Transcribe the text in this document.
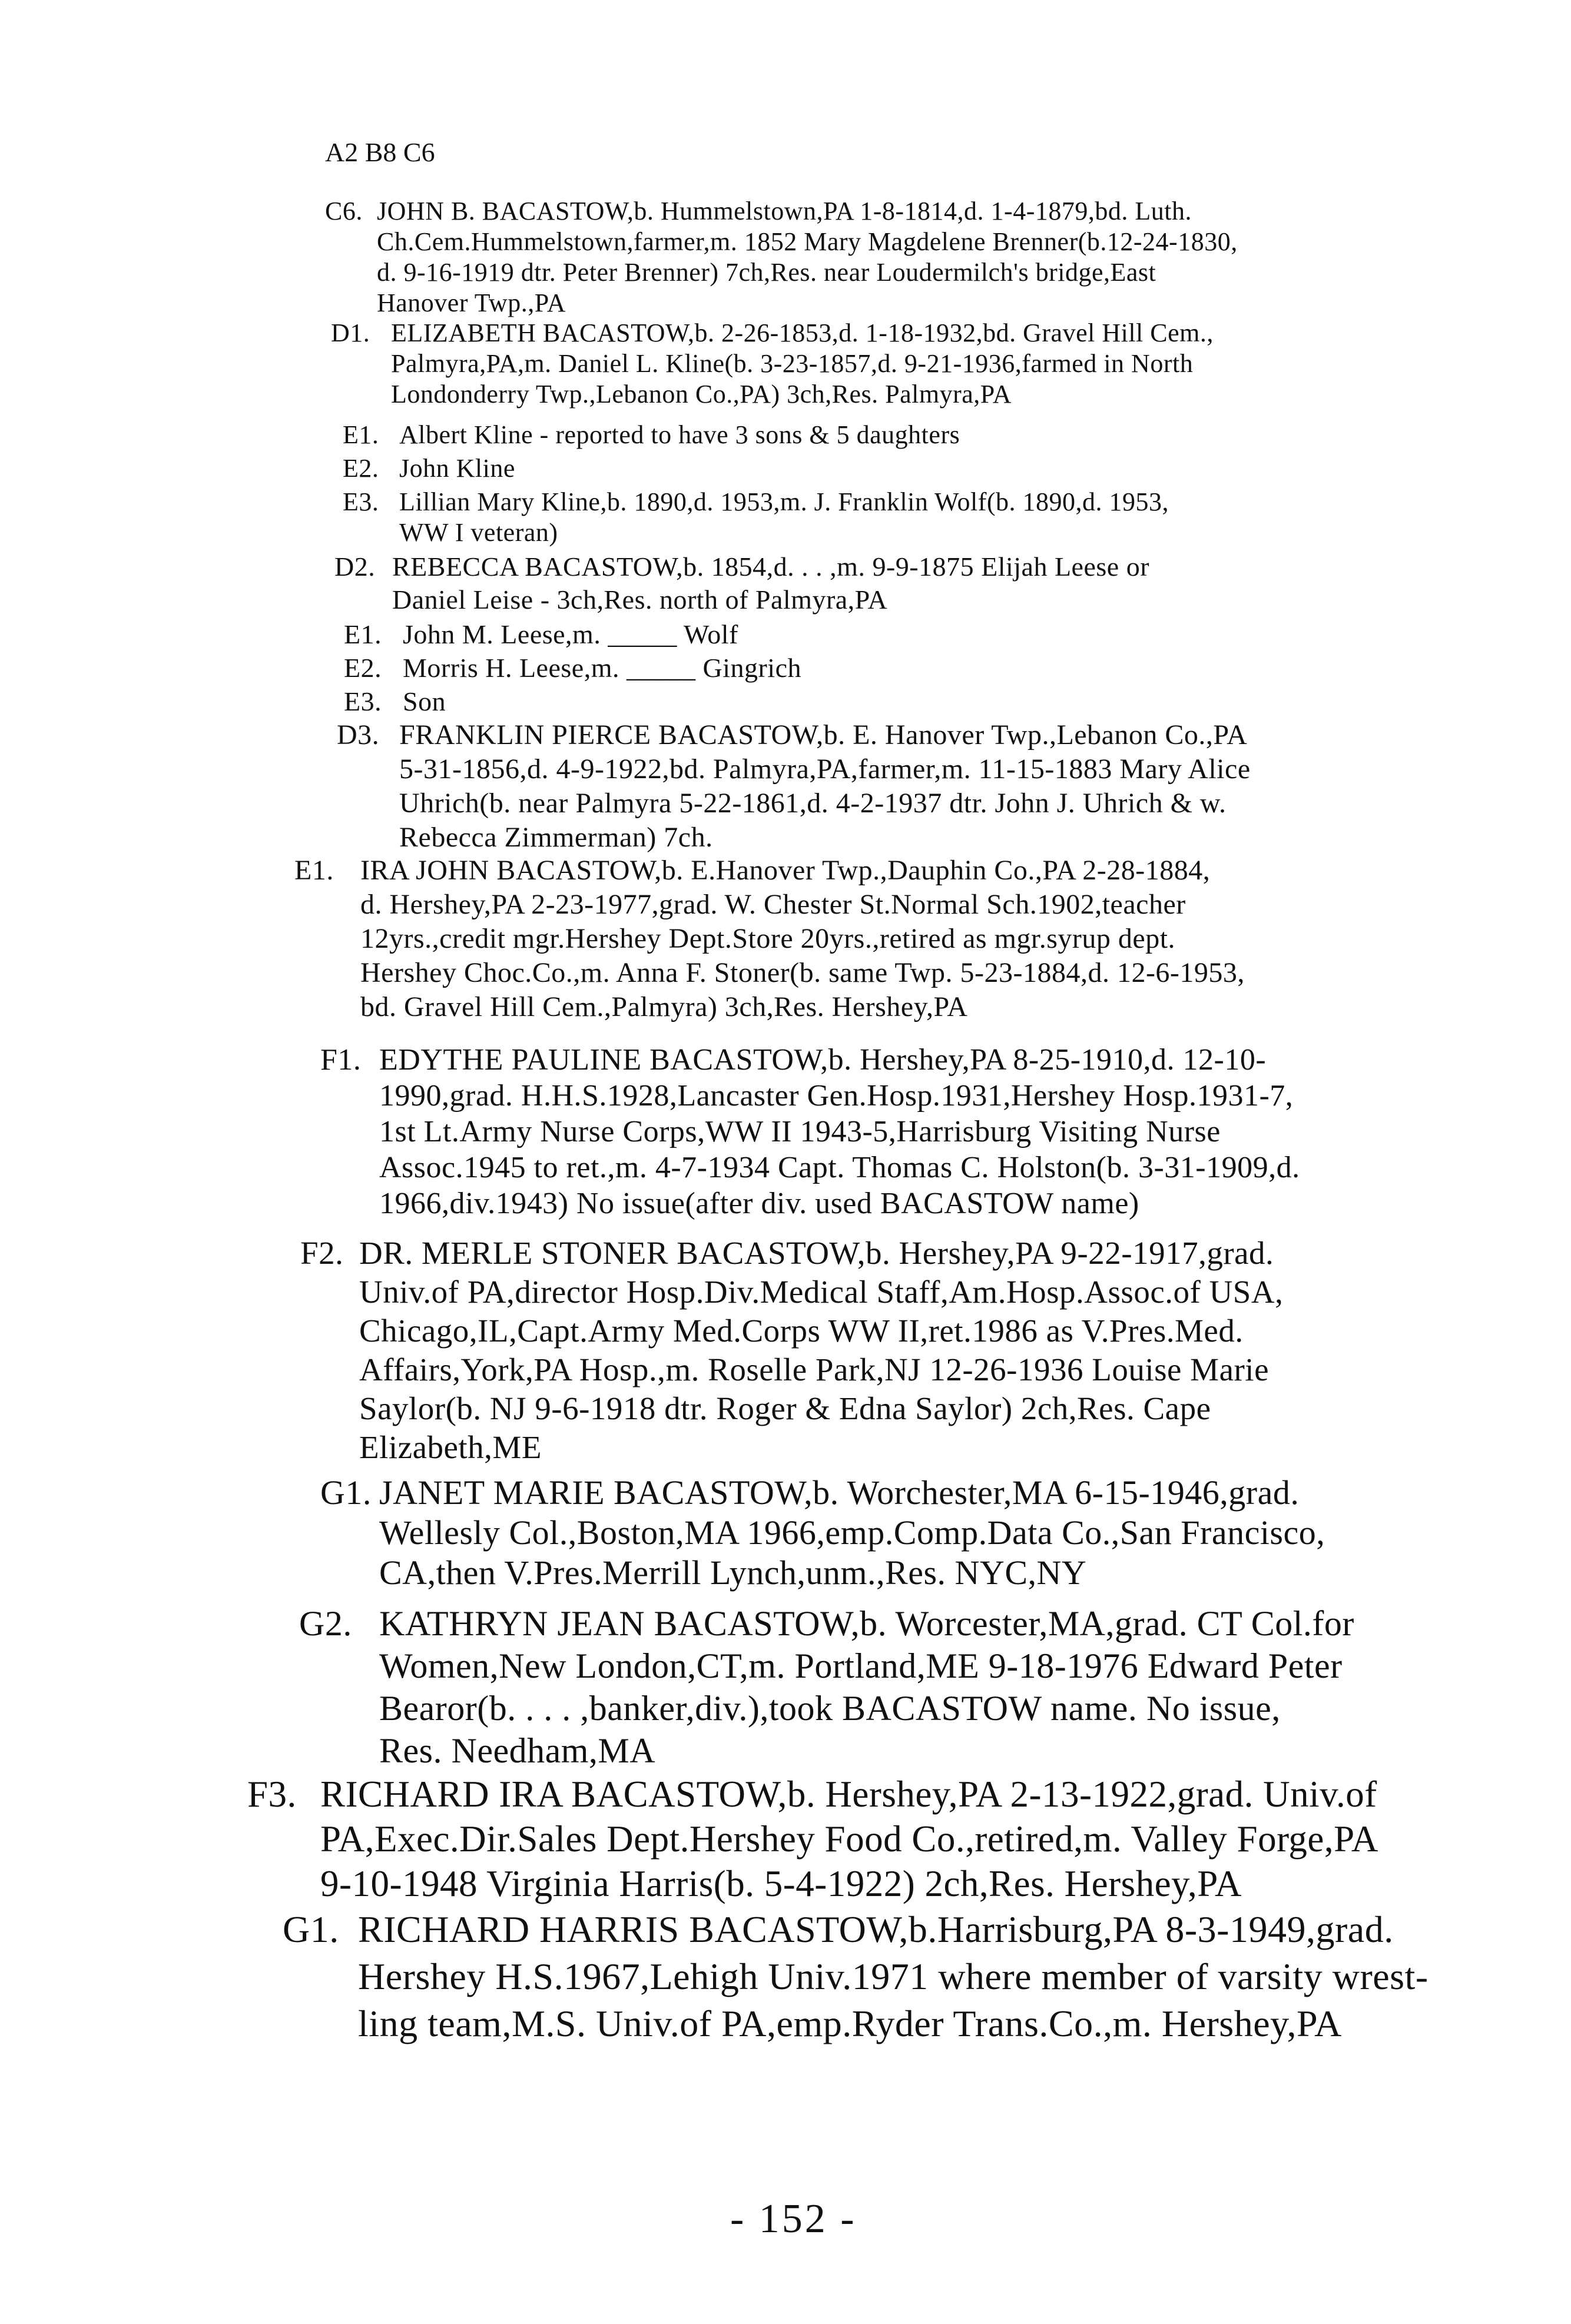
A2 B8 C6
C6. JOHN B. BACASTOW,b. Hummelstown,PA 1-8-1814,d. 1-4-1879,bd. Luth.
Ch.Cem.Hummelstown,farmer,m. 1852 Mary Magdelene Brenner(b.12-24-1830,
d. 9-16-1919 dtr. Peter Brenner) 7ch,Res. near Loudermilch's bridge,East
Hanover Twp.,PA
D1. ELIZABETH BACASTOW,b. 2-26-1853,d. 1-18-1932,bd. Gravel Hill Cem.,
Palmyra,PA,m. Daniel L. Kline(b. 3-23-1857,d. 9-21-1936,farmed in North
Londonderry Twp.,Lebanon Co.,PA) 3ch,Res. Palmyra,PA
E1. Albert Kline - reported to have 3 sons & 5 daughters
E2. John Kline
E3. Lillian Mary Kline,b. 1890,d. 1953,m. J. Franklin Wolf(b. 1890,d. 1953,
WW I veteran)
D2. REBECCA BACASTOW,b. 1854,d. . . ,m. 9-9-1875 Elijah Leese or
Daniel Leise - 3ch,Res. north of Palmyra,PA
E1. John M. Leese,m. _____ Wolf
E2. Morris H. Leese,m. _____ Gingrich
E3. Son
D3. FRANKLIN PIERCE BACASTOW,b. E. Hanover Twp.,Lebanon Co.,PA
5-31-1856,d. 4-9-1922,bd. Palmyra,PA,farmer,m. 11-15-1883 Mary Alice
Uhrich(b. near Palmyra 5-22-1861,d. 4-2-1937 dtr. John J. Uhrich & w.
Rebecca Zimmerman) 7ch.
E1. IRA JOHN BACASTOW,b. E.Hanover Twp.,Dauphin Co.,PA 2-28-1884,
d. Hershey,PA 2-23-1977,grad. W. Chester St.Normal Sch.1902,teacher
12yrs.,credit mgr.Hershey Dept.Store 20yrs.,retired as mgr.syrup dept.
Hershey Choc.Co.,m. Anna F. Stoner(b. same Twp. 5-23-1884,d. 12-6-1953,
bd. Gravel Hill Cem.,Palmyra) 3ch,Res. Hershey,PA
F1. EDYTHE PAULINE BACASTOW,b. Hershey,PA 8-25-1910,d. 12-10-
1990,grad. H.H.S.1928,Lancaster Gen.Hosp.1931,Hershey Hosp.1931-7,
1st Lt.Army Nurse Corps,WW II 1943-5,Harrisburg Visiting Nurse
Assoc.1945 to ret.,m. 4-7-1934 Capt. Thomas C. Holston(b. 3-31-1909,d.
1966,div.1943) No issue(after div. used BACASTOW name)
F2. DR. MERLE STONER BACASTOW,b. Hershey,PA 9-22-1917,grad.
Univ.of PA,director Hosp.Div.Medical Staff,Am.Hosp.Assoc.of USA,
Chicago,IL,Capt.Army Med.Corps WW II,ret.1986 as V.Pres.Med.
Affairs,York,PA Hosp.,m. Roselle Park,NJ 12-26-1936 Louise Marie
Saylor(b. NJ 9-6-1918 dtr. Roger & Edna Saylor) 2ch,Res. Cape
Elizabeth,ME
G1. JANET MARIE BACASTOW,b. Worchester,MA 6-15-1946,grad.
Wellesly Col.,Boston,MA 1966,emp.Comp.Data Co.,San Francisco,
CA,then V.Pres.Merrill Lynch,unm.,Res. NYC,NY
G2. KATHRYN JEAN BACASTOW,b. Worcester,MA,grad. CT Col.for
Women,New London,CT,m. Portland,ME 9-18-1976 Edward Peter
Bearor(b. . . . ,banker,div.),took BACASTOW name. No issue,
Res. Needham,MA
F3. RICHARD IRA BACASTOW,b. Hershey,PA 2-13-1922,grad. Univ.of
PA,Exec.Dir.Sales Dept.Hershey Food Co.,retired,m. Valley Forge,PA
9-10-1948 Virginia Harris(b. 5-4-1922) 2ch,Res. Hershey,PA
G1. RICHARD HARRIS BACASTOW,b.Harrisburg,PA 8-3-1949,grad.
Hershey H.S.1967,Lehigh Univ.1971 where member of varsity wrest-
ling team,M.S. Univ.of PA,emp.Ryder Trans.Co.,m. Hershey,PA
- 152 -
